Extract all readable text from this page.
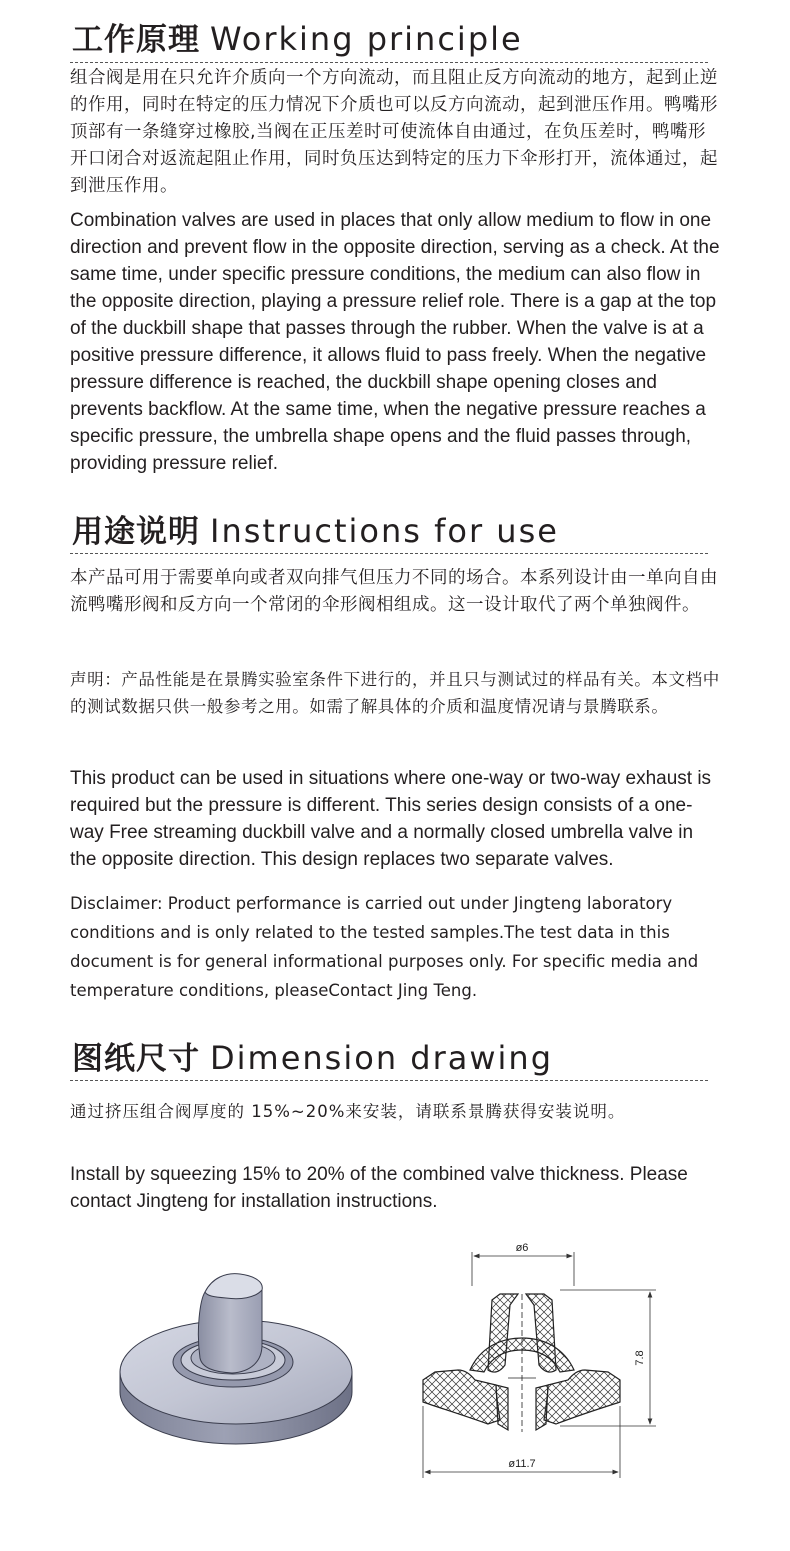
工作原理 Working principle

组合阀是用在只允许介质向一个方向流动，而且阻止反方向流动的地方，起到止逆的作用，同时在特定的压力情况下介质也可以反方向流动，起到泄压作用。鸭嘴形顶部有一条缝穿过橡胶,当阀在正压差时可使流体自由通过，在负压差时，鸭嘴形开口闭合对返流起阻止作用，同时负压达到特定的压力下伞形打开，流体通过，起到泄压作用。

Combination valves are used in places that only allow medium to flow in one direction and prevent flow in the opposite direction, serving as a check. At the same time, under specific pressure conditions, the medium can also flow in the opposite direction, playing a pressure relief role. There is a gap at the top of the duckbill shape that passes through the rubber. When the valve is at a positive pressure difference, it allows fluid to pass freely. When the negative pressure difference is reached, the duckbill shape opening closes and prevents backflow. At the same time, when the negative pressure reaches a specific pressure, the umbrella shape opens and the fluid passes through, providing pressure relief.

用途说明 Instructions for use

本产品可用于需要单向或者双向排气但压力不同的场合。本系列设计由一单向自由流鸭嘴形阀和反方向一个常闭的伞形阀相组成。这一设计取代了两个单独阀件。

声明：产品性能是在景腾实验室条件下进行的，并且只与测试过的样品有关。本文档中的测试数据只供一般参考之用。如需了解具体的介质和温度情况请与景腾联系。

This product can be used in situations where one-way or two-way exhaust is required but the pressure is different. This series design consists of a one-way Free streaming duckbill valve and a normally closed umbrella valve in the opposite direction. This design replaces two separate valves.

Disclaimer: Product performance is carried out under Jingteng laboratory conditions and is only related to the tested samples.The test data in this document is for general informational purposes only. For specific media and temperature conditions, pleaseContact Jing Teng.

图纸尺寸 Dimension drawing

通过挤压组合阀厚度的 15%~20%来安装，请联系景腾获得安装说明。

Install by squeezing 15% to 20% of the combined valve thickness. Please contact Jingteng for installation instructions.

ø6
7.8
ø11.7
